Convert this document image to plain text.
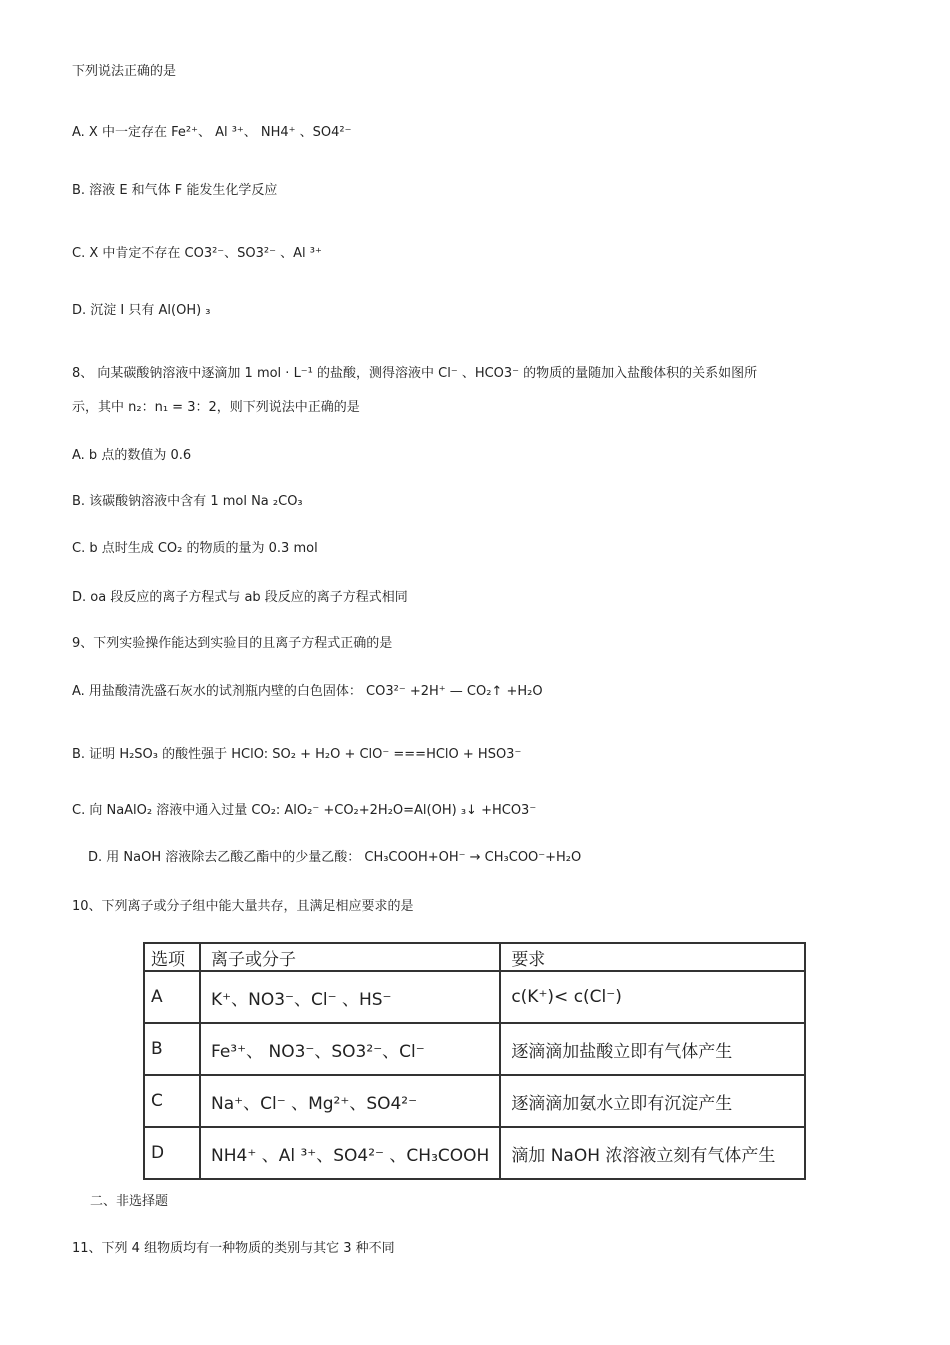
下列说法正确的是
A. X 中一定存在 Fe²⁺、 Al ³⁺、 NH4⁺ 、SO4²⁻
B. 溶液 E 和气体 F 能发生化学反应
C. X 中肯定不存在 CO3²⁻、SO3²⁻ 、Al ³⁺
D. 沉淀 I 只有 Al(OH) ₃
8、 向某碳酸钠溶液中逐滴加 1 mol · L⁻¹ 的盐酸，测得溶液中 Cl⁻ 、HCO3⁻ 的物质的量随加入盐酸体积的关系如图所
示，其中 n₂：n₁ = 3：2，则下列说法中正确的是
A. b 点的数值为 0.6
B. 该碳酸钠溶液中含有 1 mol Na ₂CO₃
C. b 点时生成 CO₂ 的物质的量为 0.3 mol
D. oa 段反应的离子方程式与 ab 段反应的离子方程式相同
9、下列实验操作能达到实验目的且离子方程式正确的是
A. 用盐酸清洗盛石灰水的试剂瓶内壁的白色固体： CO3²⁻ +2H⁺ — CO₂↑ +H₂O
B. 证明 H₂SO₃ 的酸性强于 HClO: SO₂ + H₂O + ClO⁻ ===HClO + HSO3⁻
C. 向 NaAlO₂ 溶液中通入过量 CO₂: AlO₂⁻ +CO₂+2H₂O=Al(OH) ₃↓ +HCO3⁻
D. 用 NaOH 溶液除去乙酸乙酯中的少量乙酸： CH₃COOH+OH⁻ → CH₃COO⁻+H₂O
10、下列离子或分子组中能大量共存，且满足相应要求的是
选项	离子或分子	要求
A	K⁺、NO3⁻、Cl⁻ 、HS⁻	c(K⁺)< c(Cl⁻)
B	Fe³⁺、 NO3⁻、SO3²⁻、Cl⁻	逐滴滴加盐酸立即有气体产生
C	Na⁺、Cl⁻ 、Mg²⁺、SO4²⁻	逐滴滴加氨水立即有沉淀产生
D	NH4⁺ 、Al ³⁺、SO4²⁻ 、CH₃COOH	滴加 NaOH 浓溶液立刻有气体产生
二、非选择题
11、下列 4 组物质均有一种物质的类别与其它 3 种不同
